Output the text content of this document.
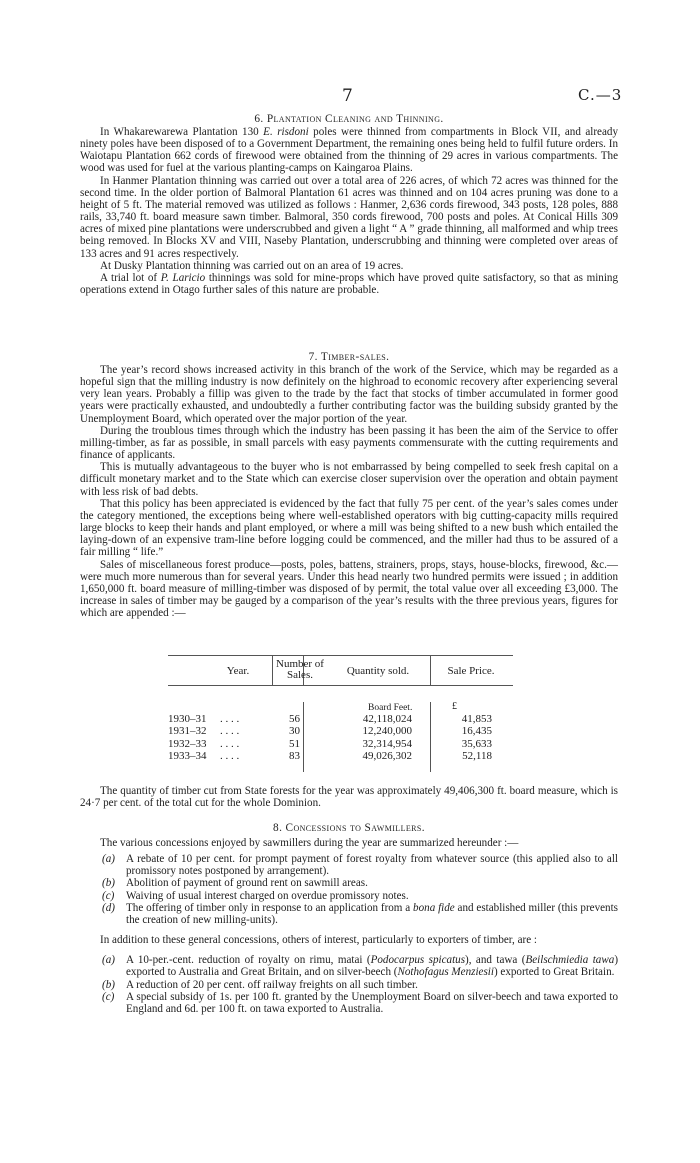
7	C.—3
6. Plantation Cleaning and Thinning.

In Whakarewarewa Plantation 130 E. risdoni poles were thinned from compartments in Block VII, and already ninety poles have been disposed of to a Government Department, the remaining ones being held to fulfil future orders. In Waiotapu Plantation 662 cords of firewood were obtained from the thinning of 29 acres in various compartments. The wood was used for fuel at the various planting-camps on Kaingaroa Plains.

In Hanmer Plantation thinning was carried out over a total area of 226 acres, of which 72 acres was thinned for the second time. In the older portion of Balmoral Plantation 61 acres was thinned and on 104 acres pruning was done to a height of 5 ft. The material removed was utilized as follows : Hanmer, 2,636 cords firewood, 343 posts, 128 poles, 888 rails, 33,740 ft. board measure sawn timber. Balmoral, 350 cords firewood, 700 posts and poles. At Conical Hills 309 acres of mixed pine plantations were underscrubbed and given a light “ A ” grade thinning, all malformed and whip trees being removed. In Blocks XV and VIII, Naseby Plantation, underscrubbing and thinning were completed over areas of 133 acres and 91 acres respectively.

At Dusky Plantation thinning was carried out on an area of 19 acres.

A trial lot of P. Laricio thinnings was sold for mine-props which have proved quite satisfactory, so that as mining operations extend in Otago further sales of this nature are probable.

7. Timber-sales.

The year’s record shows increased activity in this branch of the work of the Service, which may be regarded as a hopeful sign that the milling industry is now definitely on the highroad to economic recovery after experiencing several very lean years. Probably a fillip was given to the trade by the fact that stocks of timber accumulated in former good years were practically exhausted, and undoubtedly a further contributing factor was the building subsidy granted by the Unemployment Board, which operated over the major portion of the year.

During the troublous times through which the industry has been passing it has been the aim of the Service to offer milling-timber, as far as possible, in small parcels with easy payments commensurate with the cutting requirements and finance of applicants.

This is mutually advantageous to the buyer who is not embarrassed by being compelled to seek fresh capital on a difficult monetary market and to the State which can exercise closer supervision over the operation and obtain payment with less risk of bad debts.

That this policy has been appreciated is evidenced by the fact that fully 75 per cent. of the year’s sales comes under the category mentioned, the exceptions being where well-established operators with big cutting-capacity mills required large blocks to keep their hands and plant employed, or where a mill was being shifted to a new bush which entailed the laying-down of an expensive tram-line before logging could be commenced, and the miller had thus to be assured of a fair milling “ life.”

Sales of miscellaneous forest produce—posts, poles, battens, strainers, props, stays, house-blocks, firewood, &c.—were much more numerous than for several years. Under this head nearly two hundred permits were issued ; in addition 1,650,000 ft. board measure of milling-timber was disposed of by permit, the total value over all exceeding £3,000. The increase in sales of timber may be gauged by a comparison of the year’s results with the three previous years, figures for which are appended :—

Year.
Number of Sales.	Quantity sold.	Sale Price.
Board Feet.	£
1930–31	. . . .	56	42,118,024	41,853
1931–32	. . . .	30	12,240,000	16,435
1932–33	. . . .	51	32,314,954	35,633
1933–34	. . . .	83	49,026,302	52,118

The quantity of timber cut from State forests for the year was approximately 49,406,300 ft. board measure, which is 24·7 per cent. of the total cut for the whole Dominion.

8. Concessions to Sawmillers.

The various concessions enjoyed by sawmillers during the year are summarized hereunder :—

(a) A rebate of 10 per cent. for prompt payment of forest royalty from whatever source (this applied also to all promissory notes postponed by arrangement).
(b) Abolition of payment of ground rent on sawmill areas.
(c) Waiving of usual interest charged on overdue promissory notes.
(d) The offering of timber only in response to an application from a bona fide and established miller (this prevents the creation of new milling-units).

In addition to these general concessions, others of interest, particularly to exporters of timber, are :

(a) A 10-per.-cent. reduction of royalty on rimu, matai (Podocarpus spicatus), and tawa (Beilschmiedia tawa) exported to Australia and Great Britain, and on silver-beech (Nothofagus Menziesii) exported to Great Britain.
(b) A reduction of 20 per cent. off railway freights on all such timber.
(c) A special subsidy of 1s. per 100 ft. granted by the Unemployment Board on silver-beech and tawa exported to England and 6d. per 100 ft. on tawa exported to Australia.
